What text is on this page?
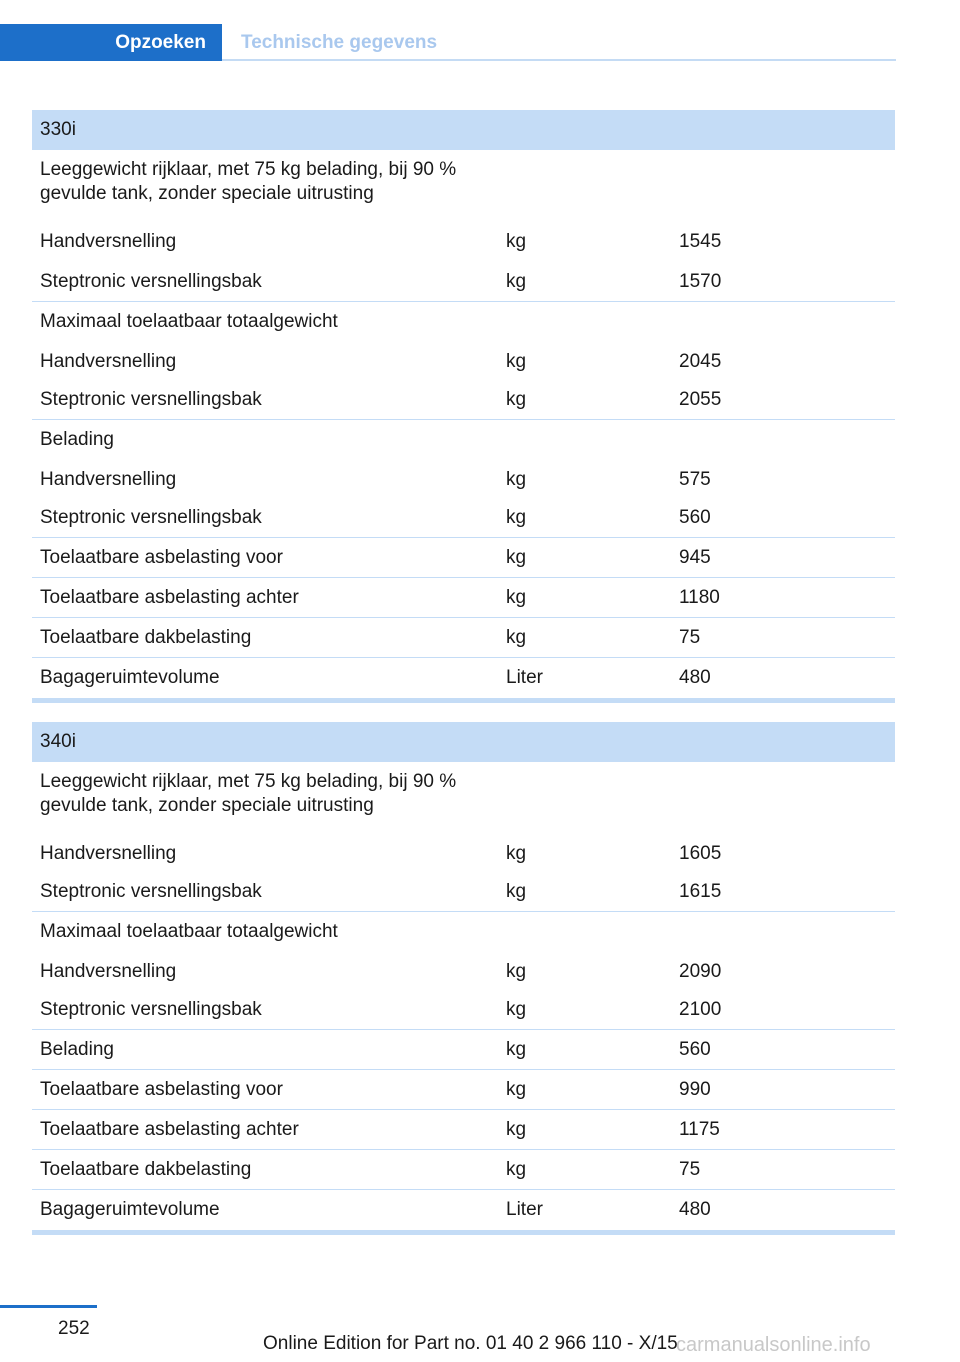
Opzoeken	Technische gegevens
330i
Leeggewicht rijklaar, met 75 kg belading, bij 90 % gevulde tank, zonder speciale uitrusting
Handversnelling	kg	1545
Steptronic versnellingsbak	kg	1570
Maximaal toelaatbaar totaalgewicht
Handversnelling	kg	2045
Steptronic versnellingsbak	kg	2055
Belading
Handversnelling	kg	575
Steptronic versnellingsbak	kg	560
Toelaatbare asbelasting voor	kg	945
Toelaatbare asbelasting achter	kg	1180
Toelaatbare dakbelasting	kg	75
Bagageruimtevolume	Liter	480
340i
Leeggewicht rijklaar, met 75 kg belading, bij 90 % gevulde tank, zonder speciale uitrusting
Handversnelling	kg	1605
Steptronic versnellingsbak	kg	1615
Maximaal toelaatbaar totaalgewicht
Handversnelling	kg	2090
Steptronic versnellingsbak	kg	2100
Belading	kg	560
Toelaatbare asbelasting voor	kg	990
Toelaatbare asbelasting achter	kg	1175
Toelaatbare dakbelasting	kg	75
Bagageruimtevolume	Liter	480
252
Online Edition for Part no. 01 40 2 966 110 - X/15
carmanualsonline.info
